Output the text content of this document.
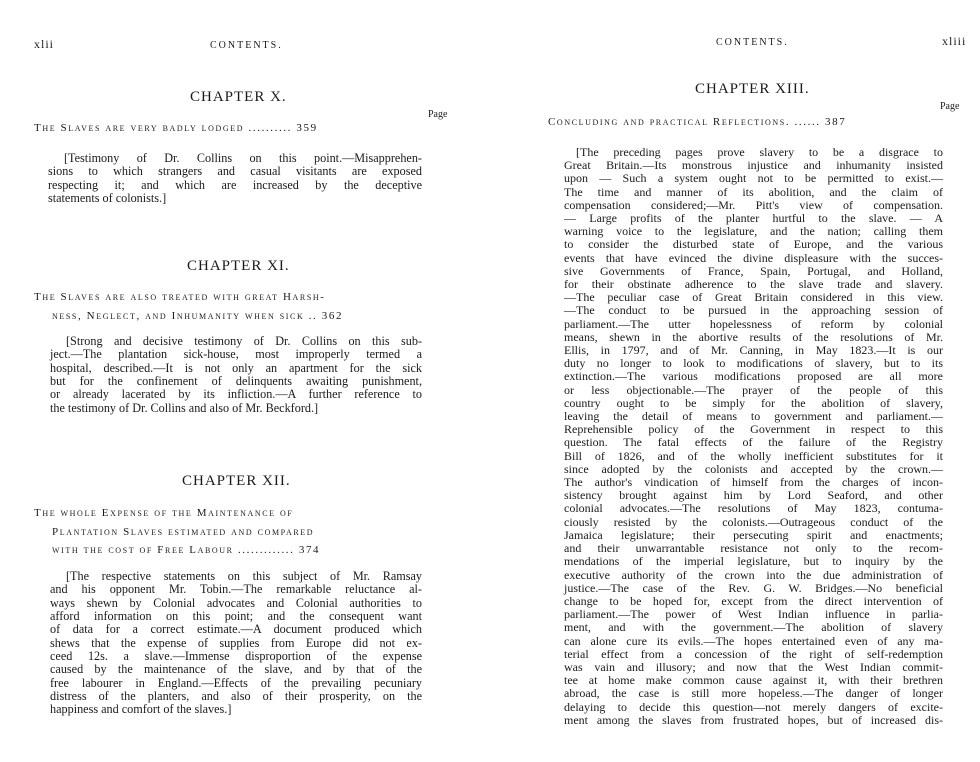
xlii	CONTENTS.
CHAPTER X.
Page
The Slaves are very badly lodged .......... 359
[Testimony of Dr. Collins on this point.—Misapprehen-
sions to which strangers and casual visitants are exposed
respecting it; and which are increased by the deceptive
statements of colonists.]
CHAPTER XI.
The Slaves are also treated with great Harsh-
ness, Neglect, and Inhumanity when sick .. 362
[Strong and decisive testimony of Dr. Collins on this sub-
ject.—The plantation sick-house, most improperly termed a
hospital, described.—It is not only an apartment for the sick
but for the confinement of delinquents awaiting punishment,
or already lacerated by its infliction.—A further reference to
the testimony of Dr. Collins and also of Mr. Beckford.]
CHAPTER XII.
The whole Expense of the Maintenance of
Plantation Slaves estimated and compared
with the cost of Free Labour ............. 374
[The respective statements on this subject of Mr. Ramsay
and his opponent Mr. Tobin.—The remarkable reluctance al-
ways shewn by Colonial advocates and Colonial authorities to
afford information on this point; and the consequent want
of data for a correct estimate.—A document produced which
shews that the expense of supplies from Europe did not ex-
ceed 12s. a slave.—Immense disproportion of the expense
caused by the maintenance of the slave, and by that of the
free labourer in England.—Effects of the prevailing pecuniary
distress of the planters, and also of their prosperity, on the
happiness and comfort of the slaves.]
CONTENTS.	xliii
CHAPTER XIII.
Page
Concluding and practical Reflections. ...... 387
[The preceding pages prove slavery to be a disgrace to
Great Britain.—Its monstrous injustice and inhumanity insisted
upon — Such a system ought not to be permitted to exist.—
The time and manner of its abolition, and the claim of
compensation considered;—Mr. Pitt's view of compensation.
— Large profits of the planter hurtful to the slave. — A
warning voice to the legislature, and the nation; calling them
to consider the disturbed state of Europe, and the various
events that have evinced the divine displeasure with the succes-
sive Governments of France, Spain, Portugal, and Holland,
for their obstinate adherence to the slave trade and slavery.
—The peculiar case of Great Britain considered in this view.
—The conduct to be pursued in the approaching session of
parliament.—The utter hopelessness of reform by colonial
means, shewn in the abortive results of the resolutions of Mr.
Ellis, in 1797, and of Mr. Canning, in May 1823.—It is our
duty no longer to look to modifications of slavery, but to its
extinction.—The various modifications proposed are all more
or less objectionable.—The prayer of the people of this
country ought to be simply for the abolition of slavery,
leaving the detail of means to government and parliament.—
Reprehensible policy of the Government in respect to this
question. The fatal effects of the failure of the Registry
Bill of 1826, and of the wholly inefficient substitutes for it
since adopted by the colonists and accepted by the crown.—
The author's vindication of himself from the charges of incon-
sistency brought against him by Lord Seaford, and other
colonial advocates.—The resolutions of May 1823, contuma-
ciously resisted by the colonists.—Outrageous conduct of the
Jamaica legislature; their persecuting spirit and enactments;
and their unwarrantable resistance not only to the recom-
mendations of the imperial legislature, but to inquiry by the
executive authority of the crown into the due administration of
justice.—The case of the Rev. G. W. Bridges.—No beneficial
change to be hoped for, except from the direct intervention of
parliament.—The power of West Indian influence in parlia-
ment, and with the government.—The abolition of slavery
can alone cure its evils.—The hopes entertained even of any ma-
terial effect from a concession of the right of self-redemption
was vain and illusory; and now that the West Indian commit-
tee at home make common cause against it, with their brethren
abroad, the case is still more hopeless.—The danger of longer
delaying to decide this question—not merely dangers of excite-
ment among the slaves from frustrated hopes, but of increased dis-
